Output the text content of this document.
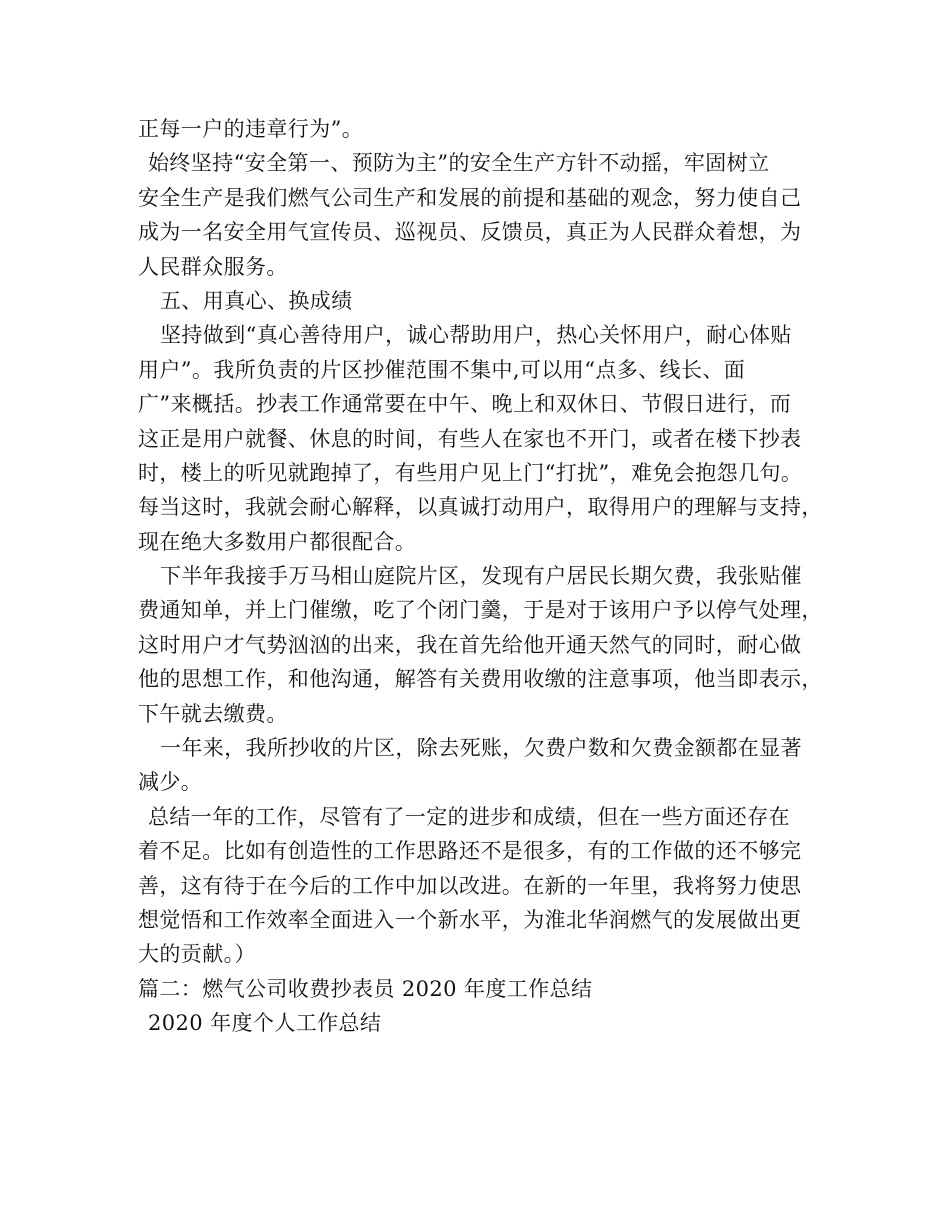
正每一户的违章行为”。
始终坚持“安全第一、预防为主”的安全生产方针不动摇，牢固树立
安全生产是我们燃气公司生产和发展的前提和基础的观念，努力使自己
成为一名安全用气宣传员、巡视员、反馈员，真正为人民群众着想，为
人民群众服务。
五、用真心、换成绩
坚持做到“真心善待用户，诚心帮助用户，热心关怀用户，耐心体贴
用户”。我所负责的片区抄催范围不集中,可以用“点多、线长、面
广”来概括。抄表工作通常要在中午、晚上和双休日、节假日进行，而
这正是用户就餐、休息的时间，有些人在家也不开门，或者在楼下抄表
时，楼上的听见就跑掉了，有些用户见上门“打扰”，难免会抱怨几句。
每当这时，我就会耐心解释，以真诚打动用户，取得用户的理解与支持，
现在绝大多数用户都很配合。
下半年我接手万马相山庭院片区，发现有户居民长期欠费，我张贴催
费通知单，并上门催缴，吃了个闭门羹，于是对于该用户予以停气处理，
这时用户才气势汹汹的出来，我在首先给他开通天然气的同时，耐心做
他的思想工作，和他沟通，解答有关费用收缴的注意事项，他当即表示，
下午就去缴费。
一年来，我所抄收的片区，除去死账，欠费户数和欠费金额都在显著
减少。
总结一年的工作，尽管有了一定的进步和成绩，但在一些方面还存在
着不足。比如有创造性的工作思路还不是很多，有的工作做的还不够完
善，这有待于在今后的工作中加以改进。在新的一年里，我将努力使思
想觉悟和工作效率全面进入一个新水平，为淮北华润燃气的发展做出更
大的贡献。）
篇二：燃气公司收费抄表员 2020 年度工作总结
2020 年度个人工作总结
